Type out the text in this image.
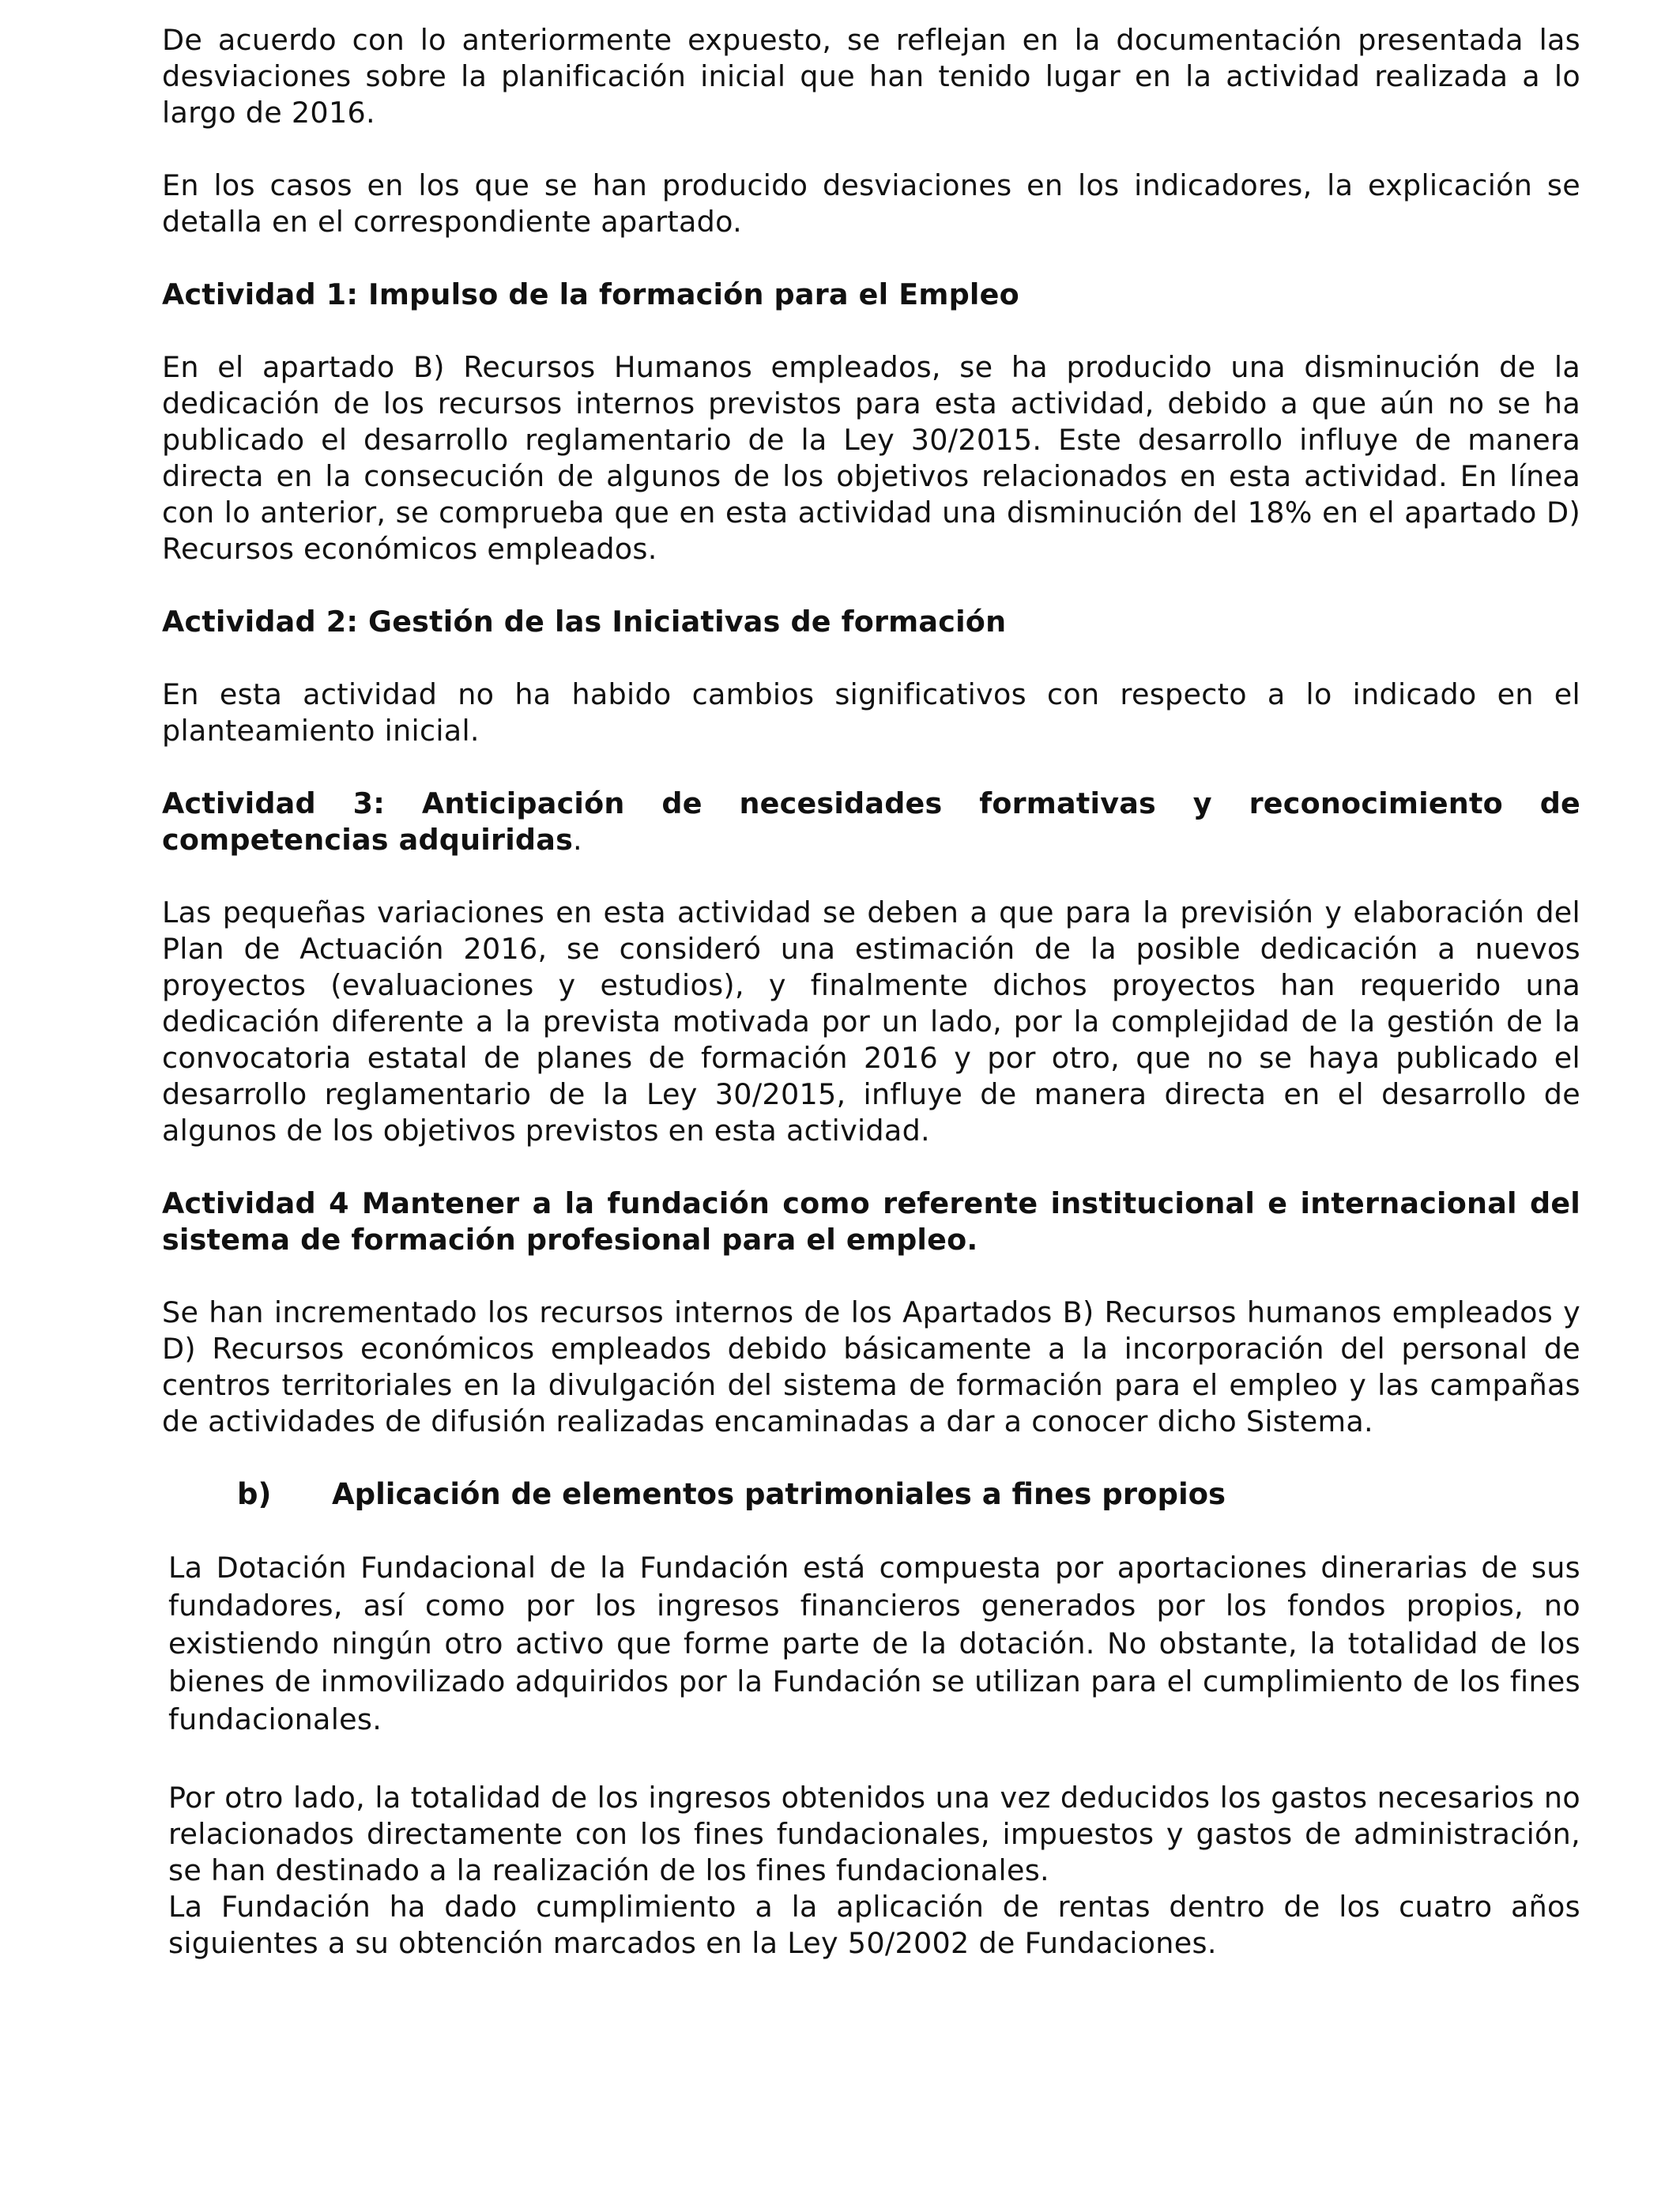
De acuerdo con lo anteriormente expuesto, se reflejan en la documentación presentada las desviaciones sobre la planificación inicial que han tenido lugar en la actividad realizada a lo largo de 2016.

En los casos en los que se han producido desviaciones en los indicadores, la explicación se detalla en el correspondiente apartado.

Actividad 1: Impulso de la formación para el Empleo

En el apartado B) Recursos Humanos empleados, se ha producido una disminución de la dedicación de los recursos internos previstos para esta actividad, debido a que aún no se ha publicado el desarrollo reglamentario de la Ley 30/2015. Este desarrollo influye de manera directa en la consecución de algunos de los objetivos relacionados en esta actividad. En línea con lo anterior, se comprueba que en esta actividad una disminución del 18% en el apartado D) Recursos económicos empleados.

Actividad 2: Gestión de las Iniciativas de formación

En esta actividad no ha habido cambios significativos con respecto a lo indicado en el planteamiento inicial.

Actividad 3: Anticipación de necesidades formativas y reconocimiento de competencias adquiridas.

Las pequeñas variaciones en esta actividad se deben a que para la previsión y elaboración del Plan de Actuación 2016, se consideró una estimación de la posible dedicación a nuevos proyectos (evaluaciones y estudios), y finalmente dichos proyectos han requerido una dedicación diferente a la prevista motivada por un lado, por la complejidad de la gestión de la convocatoria estatal de planes de formación 2016 y por otro, que no se haya publicado el desarrollo reglamentario de la Ley 30/2015, influye de manera directa en el desarrollo de algunos de los objetivos previstos en esta actividad.

Actividad 4 Mantener a la fundación como referente institucional e internacional del sistema de formación profesional para el empleo.

Se han incrementado los recursos internos de los Apartados B) Recursos humanos empleados y D) Recursos económicos empleados debido básicamente a la incorporación del personal de centros territoriales en la divulgación del sistema de formación para el empleo y las campañas de actividades de difusión realizadas encaminadas a dar a conocer dicho Sistema.

b)	Aplicación de elementos patrimoniales a fines propios

La Dotación Fundacional de la Fundación está compuesta por aportaciones dinerarias de sus fundadores, así como por los ingresos financieros generados por los fondos propios, no existiendo ningún otro activo que forme parte de la dotación. No obstante, la totalidad de los bienes de inmovilizado adquiridos por la Fundación se utilizan para el cumplimiento de los fines fundacionales.

Por otro lado, la totalidad de los ingresos obtenidos una vez deducidos los gastos necesarios no relacionados directamente con los fines fundacionales, impuestos y gastos de administración, se han destinado a la realización de los fines fundacionales.

La Fundación ha dado cumplimiento a la aplicación de rentas dentro de los cuatro años siguientes a su obtención marcados en la Ley 50/2002 de Fundaciones.
